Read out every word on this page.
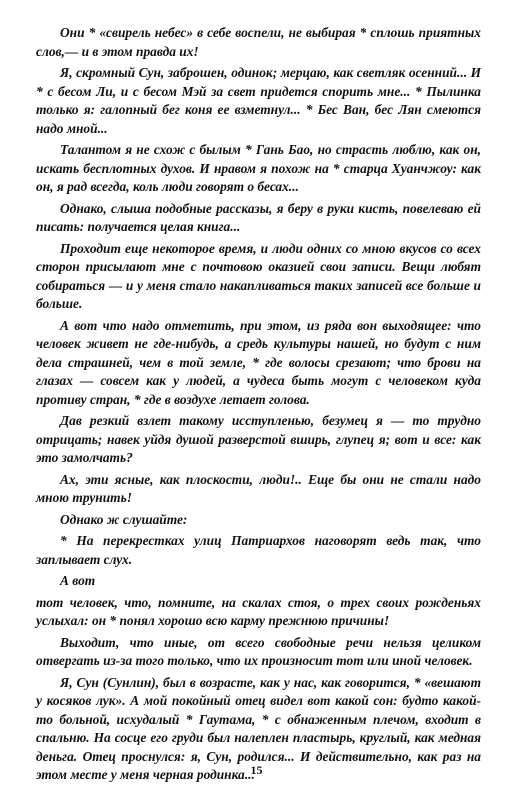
Они * «свирель небес» в себе воспели, не выбирая * сплошь приятных слов,— и в этом правда их!

Я, скромный Сун, заброшен, одинок; мерцаю, как светляк осенний... И * с бесом Ли, и с бесом Мэй за свет придется спорить мне... * Пылинка только я: галопный бег коня ее взметнул... * Бес Ван, бес Лян смеются надо мной...

Талантом я не схож с былым * Гань Бао, но страсть люблю, как он, искать бесплотных духов. И нравом я похож на * старца Хуанчжоу: как он, я рад всегда, коль люди говорят о бесах...

Однако, слыша подобные рассказы, я беру в руки кисть, повелеваю ей писать: получается целая книга...

Проходит еще некоторое время, и люди одних со мною вкусов со всех сторон присылают мне с почтовою оказией свои записи. Вещи любят собираться — и у меня стало накапливаться таких записей все больше и больше.

А вот что надо отметить, при этом, из ряда вон выходящее: что человек живет не где-нибудь, а средь культуры нашей, но будут с ним дела страшней, чем в той земле, * где волосы срезают; что брови на глазах — совсем как у людей, а чудеса быть могут с человеком куда противу стран, * где в воздухе летает голова.

Дав резкий взлет такому исступленью, безумец я — то трудно отрицать; навек уйдя душой разверстой вширь, глупец я; вот и все: как это замолчать?

Ах, эти ясные, как плоскости, люди!.. Еще бы они не стали надо мною трунить!

Однако ж слушайте:

* На перекрестках улиц Патриархов наговорят ведь так, что заплывает слух.

А вот

тот человек, что, помните, на скалах стоя, о трех своих рожденьях услыхал: он * понял хорошо всю карму прежнюю причины!

Выходит, что иные, от всего свободные речи нельзя целиком отвергать из-за того только, что их произносит тот или иной человек.

Я, Сун (Сунлин), был в возрасте, как у нас, как говорится, * «вешают у косяков лук». А мой покойный отец видел вот какой сон: будто какой-то больной, исхудалый * Гаутама, * с обнаженным плечом, входит в спальню. На сосце его груди был налеплен пластырь, круглый, как медная деньга. Отец проснулся: я, Сун, родился... И действительно, как раз на этом месте у меня черная родинка...

15
